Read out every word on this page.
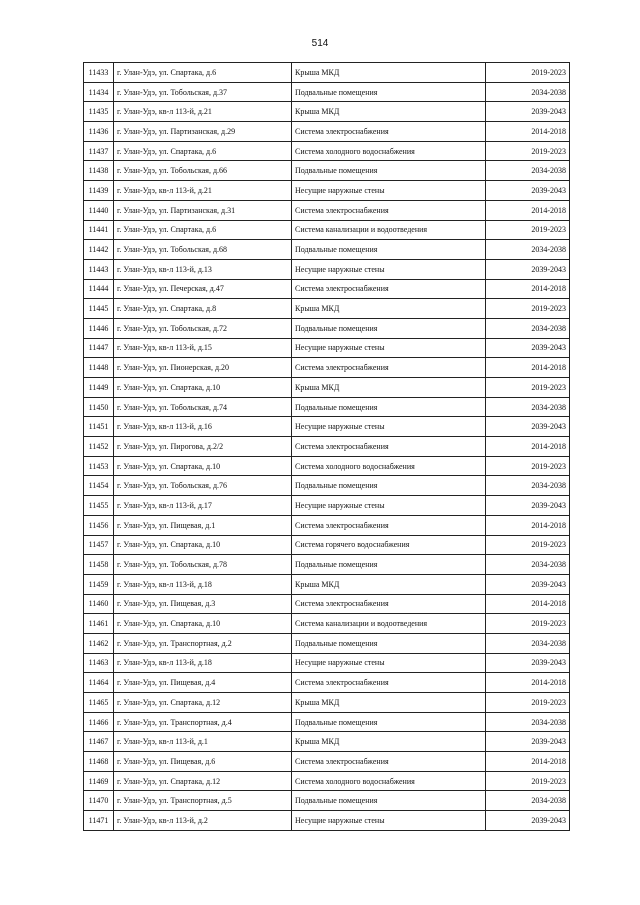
514
11433	г. Улан-Удэ, ул. Спартака, д.6	Крыша МКД	2019-2023
11434	г. Улан-Удэ, ул. Тобольская, д.37	Подвальные помещения	2034-2038
11435	г. Улан-Удэ, кв-л 113-й, д.21	Крыша МКД	2039-2043
11436	г. Улан-Удэ, ул. Партизанская, д.29	Система электроснабжения	2014-2018
11437	г. Улан-Удэ, ул. Спартака, д.6	Система холодного водоснабжения	2019-2023
11438	г. Улан-Удэ, ул. Тобольская, д.66	Подвальные помещения	2034-2038
11439	г. Улан-Удэ, кв-л 113-й, д.21	Несущие наружные стены	2039-2043
11440	г. Улан-Удэ, ул. Партизанская, д.31	Система электроснабжения	2014-2018
11441	г. Улан-Удэ, ул. Спартака, д.6	Система канализации и водоотведения	2019-2023
11442	г. Улан-Удэ, ул. Тобольская, д.68	Подвальные помещения	2034-2038
11443	г. Улан-Удэ, кв-л 113-й, д.13	Несущие наружные стены	2039-2043
11444	г. Улан-Удэ, ул. Печерская, д.47	Система электроснабжения	2014-2018
11445	г. Улан-Удэ, ул. Спартака, д.8	Крыша МКД	2019-2023
11446	г. Улан-Удэ, ул. Тобольская, д.72	Подвальные помещения	2034-2038
11447	г. Улан-Удэ, кв-л 113-й, д.15	Несущие наружные стены	2039-2043
11448	г. Улан-Удэ, ул. Пионерская, д.20	Система электроснабжения	2014-2018
11449	г. Улан-Удэ, ул. Спартака, д.10	Крыша МКД	2019-2023
11450	г. Улан-Удэ, ул. Тобольская, д.74	Подвальные помещения	2034-2038
11451	г. Улан-Удэ, кв-л 113-й, д.16	Несущие наружные стены	2039-2043
11452	г. Улан-Удэ, ул. Пирогова, д.2/2	Система электроснабжения	2014-2018
11453	г. Улан-Удэ, ул. Спартака, д.10	Система холодного водоснабжения	2019-2023
11454	г. Улан-Удэ, ул. Тобольская, д.76	Подвальные помещения	2034-2038
11455	г. Улан-Удэ, кв-л 113-й, д.17	Несущие наружные стены	2039-2043
11456	г. Улан-Удэ, ул. Пищевая, д.1	Система электроснабжения	2014-2018
11457	г. Улан-Удэ, ул. Спартака, д.10	Система горячего водоснабжения	2019-2023
11458	г. Улан-Удэ, ул. Тобольская, д.78	Подвальные помещения	2034-2038
11459	г. Улан-Удэ, кв-л 113-й, д.18	Крыша МКД	2039-2043
11460	г. Улан-Удэ, ул. Пищевая, д.3	Система электроснабжения	2014-2018
11461	г. Улан-Удэ, ул. Спартака, д.10	Система канализации и водоотведения	2019-2023
11462	г. Улан-Удэ, ул. Транспортная, д.2	Подвальные помещения	2034-2038
11463	г. Улан-Удэ, кв-л 113-й, д.18	Несущие наружные стены	2039-2043
11464	г. Улан-Удэ, ул. Пищевая, д.4	Система электроснабжения	2014-2018
11465	г. Улан-Удэ, ул. Спартака, д.12	Крыша МКД	2019-2023
11466	г. Улан-Удэ, ул. Транспортная, д.4	Подвальные помещения	2034-2038
11467	г. Улан-Удэ, кв-л 113-й, д.1	Крыша МКД	2039-2043
11468	г. Улан-Удэ, ул. Пищевая, д.6	Система электроснабжения	2014-2018
11469	г. Улан-Удэ, ул. Спартака, д.12	Система холодного водоснабжения	2019-2023
11470	г. Улан-Удэ, ул. Транспортная, д.5	Подвальные помещения	2034-2038
11471	г. Улан-Удэ, кв-л 113-й, д.2	Несущие наружные стены	2039-2043
